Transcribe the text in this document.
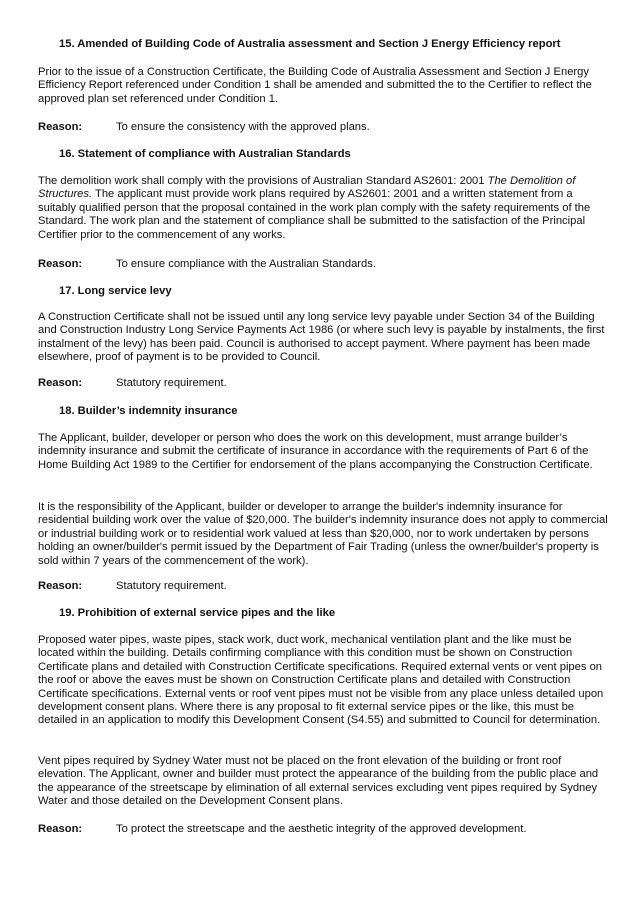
15. Amended of Building Code of Australia assessment and Section J Energy Efficiency report

Prior to the issue of a Construction Certificate, the Building Code of Australia Assessment and Section J Energy Efficiency Report referenced under Condition 1 shall be amended and submitted the to the Certifier to reflect the approved plan set referenced under Condition 1.

Reason:	To ensure the consistency with the approved plans.
16. Statement of compliance with Australian Standards

The demolition work shall comply with the provisions of Australian Standard AS2601: 2001 The Demolition of Structures. The applicant must provide work plans required by AS2601: 2001 and a written statement from a suitably qualified person that the proposal contained in the work plan comply with the safety requirements of the Standard. The work plan and the statement of compliance shall be submitted to the satisfaction of the Principal Certifier prior to the commencement of any works.

Reason:	To ensure compliance with the Australian Standards.
17. Long service levy

A Construction Certificate shall not be issued until any long service levy payable under Section 34 of the Building and Construction Industry Long Service Payments Act 1986 (or where such levy is payable by instalments, the first instalment of the levy) has been paid. Council is authorised to accept payment. Where payment has been made elsewhere, proof of payment is to be provided to Council.

Reason:	Statutory requirement.
18. Builder’s indemnity insurance

The Applicant, builder, developer or person who does the work on this development, must arrange builder’s indemnity insurance and submit the certificate of insurance in accordance with the requirements of Part 6 of the Home Building Act 1989 to the Certifier for endorsement of the plans accompanying the Construction Certificate.

It is the responsibility of the Applicant, builder or developer to arrange the builder's indemnity insurance for residential building work over the value of $20,000. The builder's indemnity insurance does not apply to commercial or industrial building work or to residential work valued at less than $20,000, nor to work undertaken by persons holding an owner/builder's permit issued by the Department of Fair Trading (unless the owner/builder's property is sold within 7 years of the commencement of the work).

Reason:	Statutory requirement.
19. Prohibition of external service pipes and the like

Proposed water pipes, waste pipes, stack work, duct work, mechanical ventilation plant and the like must be located within the building. Details confirming compliance with this condition must be shown on Construction Certificate plans and detailed with Construction Certificate specifications. Required external vents or vent pipes on the roof or above the eaves must be shown on Construction Certificate plans and detailed with Construction Certificate specifications. External vents or roof vent pipes must not be visible from any place unless detailed upon development consent plans. Where there is any proposal to fit external service pipes or the like, this must be detailed in an application to modify this Development Consent (S4.55) and submitted to Council for determination.

Vent pipes required by Sydney Water must not be placed on the front elevation of the building or front roof elevation. The Applicant, owner and builder must protect the appearance of the building from the public place and the appearance of the streetscape by elimination of all external services excluding vent pipes required by Sydney Water and those detailed on the Development Consent plans.

Reason:	To protect the streetscape and the aesthetic integrity of the approved development.
